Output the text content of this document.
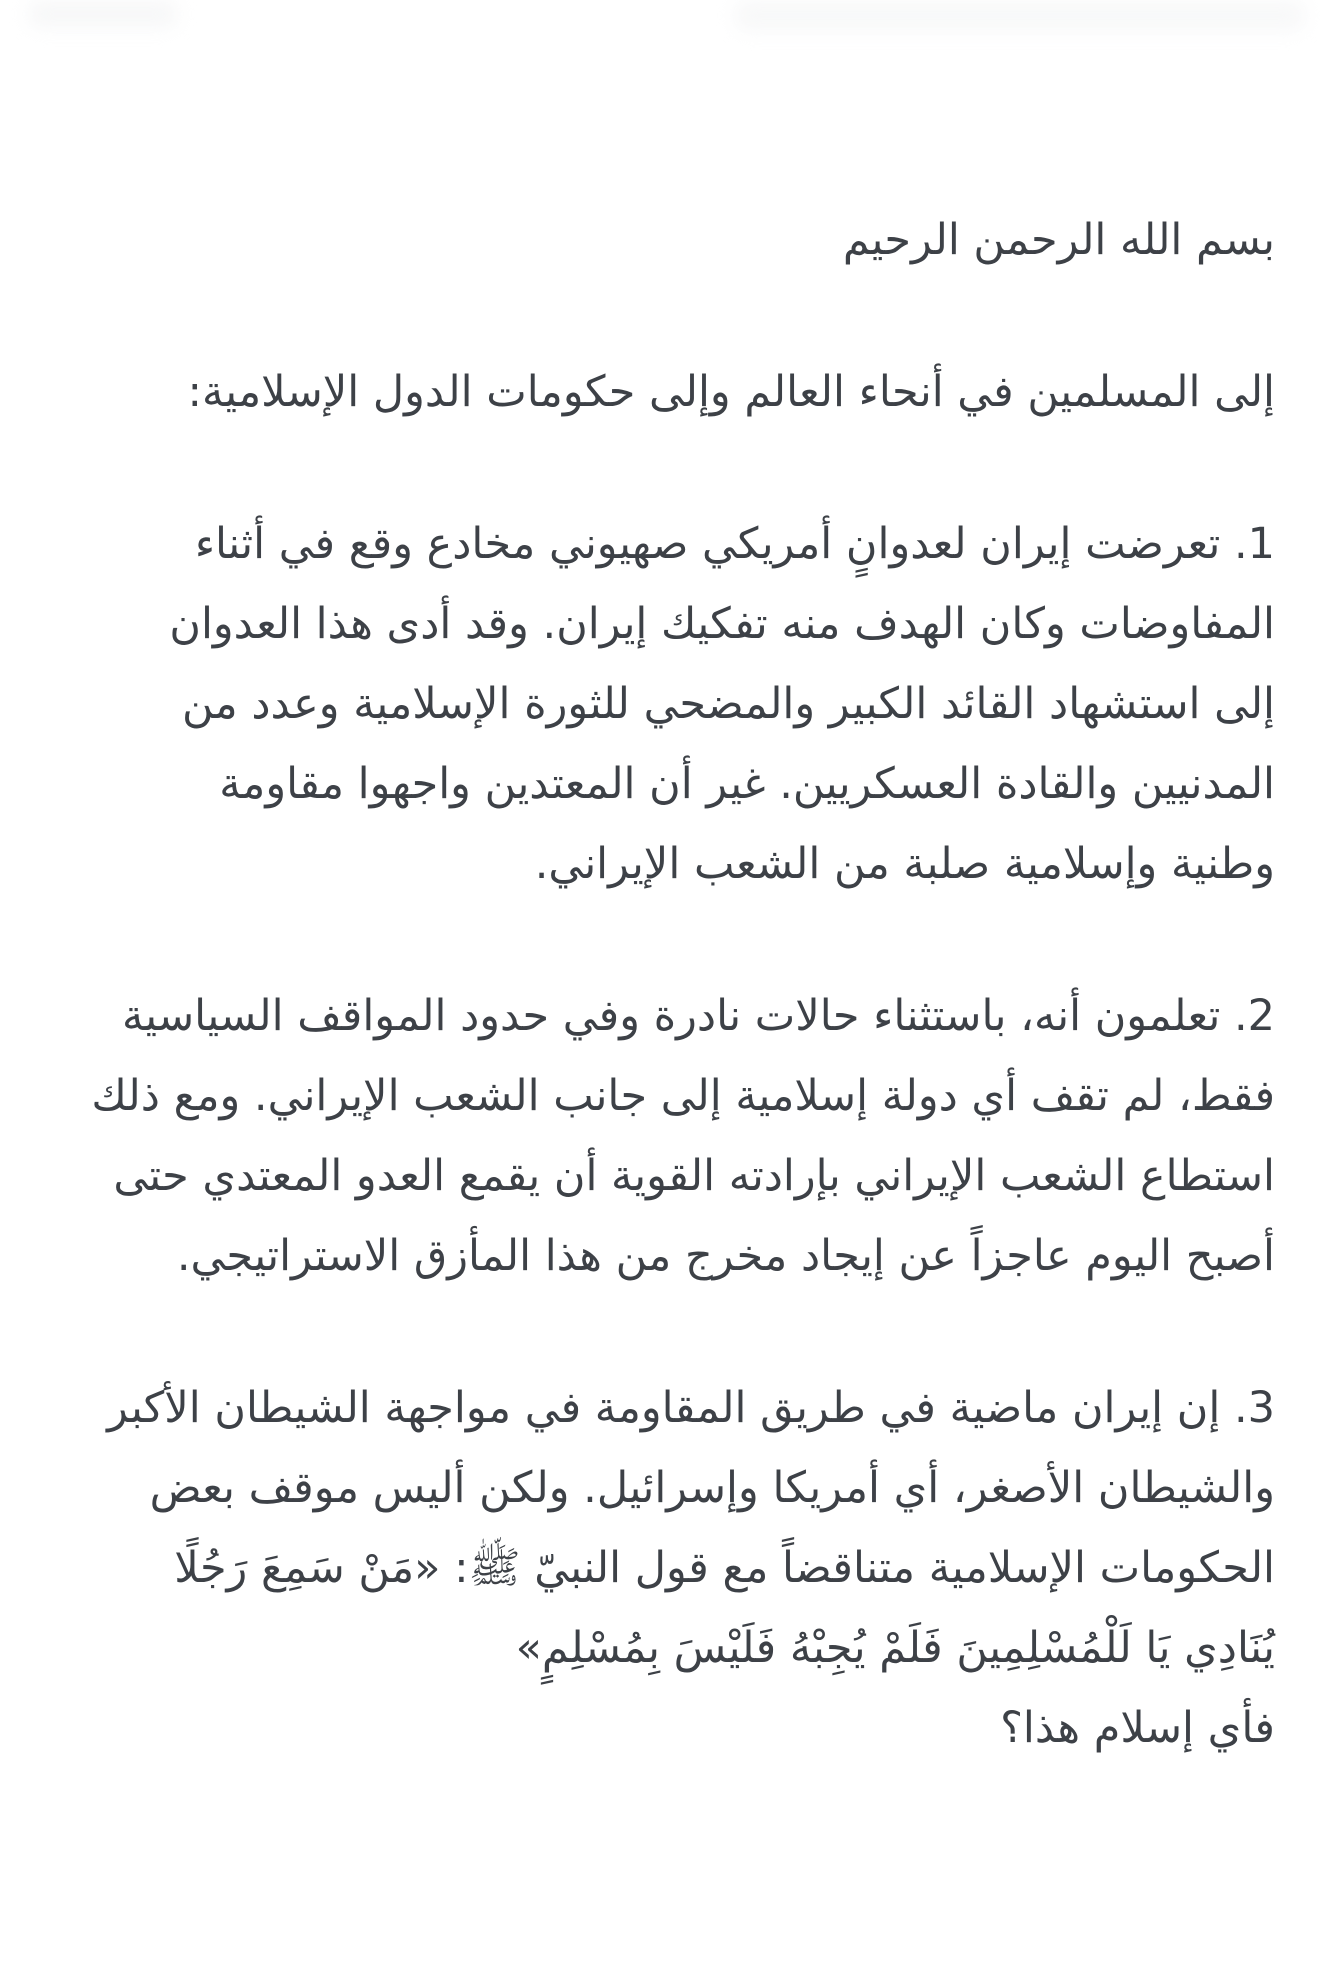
بسم الله الرحمن الرحيم
إلى المسلمين في أنحاء العالم وإلى حكومات الدول الإسلامية:
1. تعرضت إيران لعدوانٍ أمريكي صهيوني مخادع وقع في أثناء
المفاوضات وكان الهدف منه تفكيك إيران. وقد أدى هذا العدوان
إلى استشهاد القائد الكبير والمضحي للثورة الإسلامية وعدد من
المدنيين والقادة العسكريين. غير أن المعتدين واجهوا مقاومة
وطنية وإسلامية صلبة من الشعب الإيراني.
2. تعلمون أنه، باستثناء حالات نادرة وفي حدود المواقف السياسية
فقط، لم تقف أي دولة إسلامية إلى جانب الشعب الإيراني. ومع ذلك
استطاع الشعب الإيراني بإرادته القوية أن يقمع العدو المعتدي حتى
أصبح اليوم عاجزاً عن إيجاد مخرج من هذا المأزق الاستراتيجي.
3. إن إيران ماضية في طريق المقاومة في مواجهة الشيطان الأكبر
والشيطان الأصغر، أي أمريكا وإسرائيل. ولكن أليس موقف بعض
الحكومات الإسلامية متناقضاً مع قول النبيّ ﷺ: «مَنْ سَمِعَ رَجُلًا
يُنَادِي يَا لَلْمُسْلِمِينَ فَلَمْ يُجِبْهُ فَلَيْسَ بِمُسْلِمٍ»
فأي إسلام هذا؟
